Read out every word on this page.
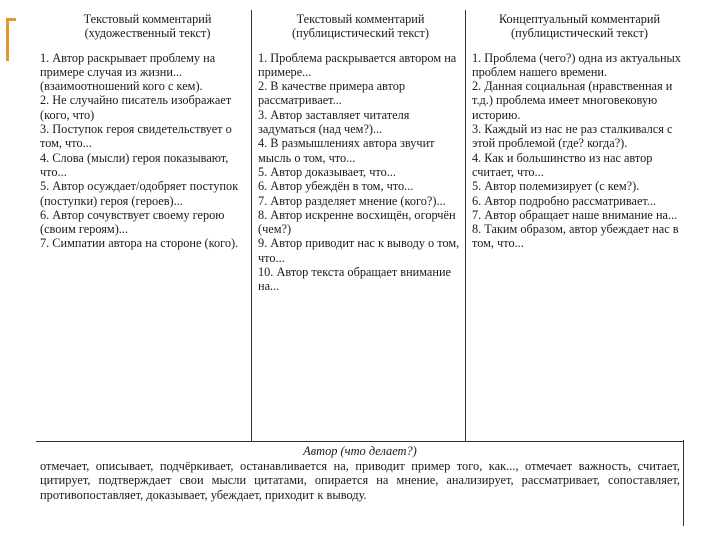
Текстовый комментарий (художественный текст)
1. Автор раскрывает проблему на примере случая из жизни... (взаимоотношений кого с кем).
2. Не случайно писатель изображает (кого, что)
3. Поступок героя свидетельствует о том, что...
4. Слова (мысли) героя показывают, что...
5. Автор осуждает/одобряет поступок (поступки) героя (героев)...
6. Автор сочувствует своему герою (своим героям)...
7. Симпатии автора на стороне (кого).
Текстовый комментарий (публицистический текст)
1. Проблема раскрывается автором на примере...
2. В качестве примера автор рассматривает...
3. Автор заставляет читателя задуматься (над чем?)...
4. В размышлениях автора звучит мысль о том, что...
5. Автор доказывает, что...
6. Автор убеждён в том, что...
7. Автор разделяет мнение (кого?)...
8. Автор искренне восхищён, огорчён (чем?)
9. Автор приводит нас к выводу о том, что...
10. Автор текста обращает внимание на...
Концептуальный комментарий (публицистический текст)
1. Проблема (чего?) одна из актуальных проблем нашего времени.
2. Данная социальная (нравственная и т.д.) проблема имеет многовековую историю.
3. Каждый из нас не раз сталкивался с этой проблемой (где? когда?).
4. Как и большинство из нас автор считает, что...
5. Автор полемизирует (с кем?).
6. Автор подробно рассматривает...
7. Автор обращает наше внимание на...
8. Таким образом, автор убеждает нас в том, что...
Автор (что делает?)
отмечает, описывает, подчёркивает, останавливается на, приводит пример того, как..., отмечает важность, считает, цитирует, подтверждает свои мысли цитатами, опирается на мнение, анализирует, рассматривает, сопоставляет, противопоставляет, доказывает, убеждает, приходит к выводу.
